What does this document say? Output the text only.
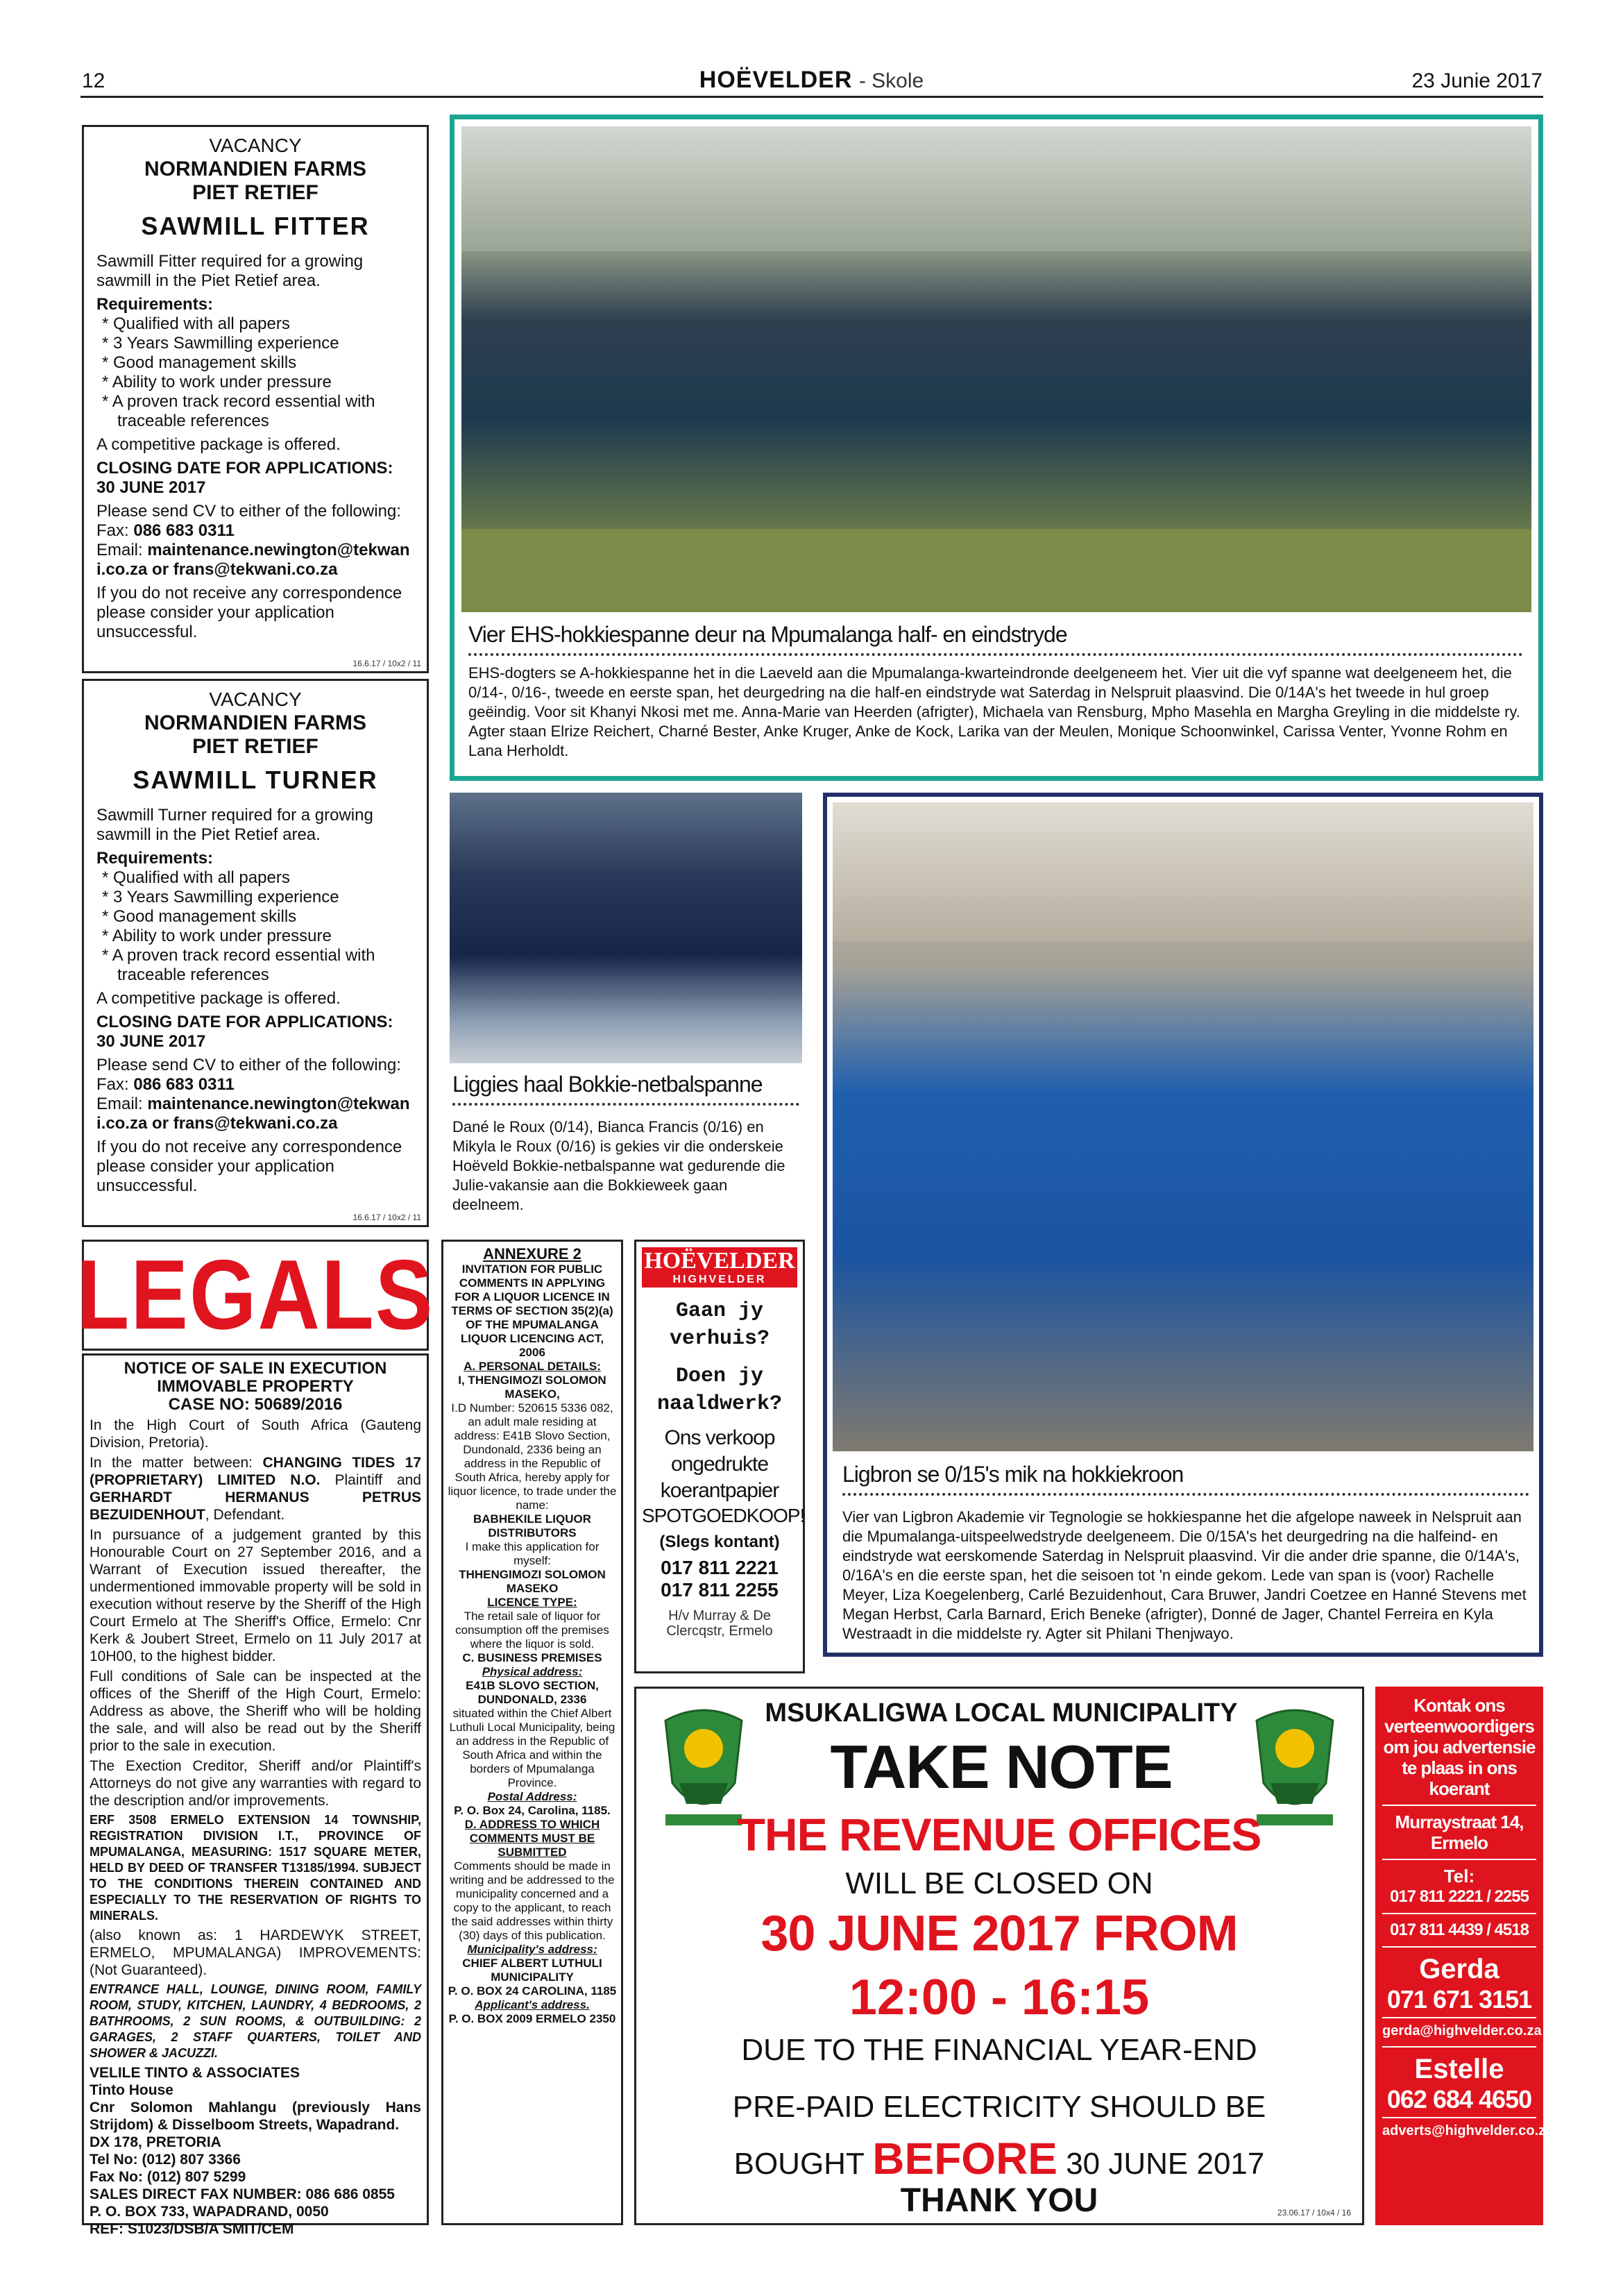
12	HOËVELDER - Skole	23 Junie 2017

VACANCY

NORMANDIEN FARMS

PIET RETIEF

SAWMILL FITTER

Sawmill Fitter required for a growing sawmill in the Piet Retief area.

Requirements:

* Qualified with all papers
* 3 Years Sawmilling experience
* Good management skills
* Ability to work under pressure
* A proven track record essential with traceable references

A competitive package is offered.

CLOSING DATE FOR APPLICATIONS:

30 JUNE 2017

Please send CV to either of the following:

Fax: 086 683 0311

Email: maintenance.newington@tekwani.co.za or frans@tekwani.co.za

If you do not receive any correspondence please consider your application unsuccessful.

16.6.17 / 10x2 / 11

VACANCY

NORMANDIEN FARMS

PIET RETIEF

SAWMILL TURNER

Sawmill Turner required for a growing sawmill in the Piet Retief area.

Requirements:

* Qualified with all papers
* 3 Years Sawmilling experience
* Good management skills
* Ability to work under pressure
* A proven track record essential with traceable references

A competitive package is offered.

CLOSING DATE FOR APPLICATIONS:

30 JUNE 2017

Please send CV to either of the following:

Fax: 086 683 0311

Email: maintenance.newington@tekwani.co.za or frans@tekwani.co.za

If you do not receive any correspondence please consider your application unsuccessful.

16.6.17 / 10x2 / 11
Vier EHS-hokkiespanne deur na Mpumalanga half- en eindstryde
EHS-dogters se A-hokkiespanne het in die Laeveld aan die Mpumalanga-kwarteindronde deelgeneem het. Vier uit die vyf spanne wat deelgeneem het, die 0/14-, 0/16-, tweede en eerste span, het deurgedring na die half-en eindstryde wat Saterdag in Nelspruit plaasvind. Die 0/14A's het tweede in hul groep geëindig. Voor sit Khanyi Nkosi met me. Anna-Marie van Heerden (afrigter), Michaela van Rensburg, Mpho Masehla en Margha Greyling in die middelste ry. Agter staan Elrize Reichert, Charné Bester, Anke Kruger, Anke de Kock, Larika van der Meulen, Monique Schoonwinkel, Carissa Venter, Yvonne Rohm en Lana Herholdt.
Liggies haal Bokkie-netbalspanne
Dané le Roux (0/14), Bianca Francis (0/16) en Mikyla le Roux (0/16) is gekies vir die onderskeie Hoëveld Bokkie-netbalspanne wat gedurende die Julie-vakansie aan die Bokkieweek gaan deelneem.
Ligbron se 0/15's mik na hokkiekroon
Vier van Ligbron Akademie vir Tegnologie se hokkiespanne het die afgelope naweek in Nelspruit aan die Mpumalanga-uitspeelwedstryde deelgeneem. Die 0/15A's het deurgedring na die halfeind- en eindstryde wat eerskomende Saterdag in Nelspruit plaasvind. Vir die ander drie spanne, die 0/14A's, 0/16A's en die eerste span, het die seisoen tot 'n einde gekom. Lede van span is (voor) Rachelle Meyer, Liza Koegelenberg, Carlé Bezuidenhout, Cara Bruwer, Jandri Coetzee en Hanné Stevens met Megan Herbst, Carla Barnard, Erich Beneke (afrigter), Donné de Jager, Chantel Ferreira en Kyla Westraadt in die middelste ry. Agter sit Philani Thenjwayo.
LEGALS

NOTICE OF SALE IN EXECUTION

IMMOVABLE PROPERTY

CASE NO: 50689/2016

In the High Court of South Africa (Gauteng Division, Pretoria).

In the matter between: CHANGING TIDES 17 (PROPRIETARY) LIMITED N.O. Plaintiff and GERHARDT HERMANUS PETRUS BEZUIDENHOUT, Defendant.

In pursuance of a judgement granted by this Honourable Court on 27 September 2016, and a Warrant of Execution issued thereafter, the undermentioned immovable property will be sold in execution without reserve by the Sheriff of the High Court Ermelo at The Sheriff's Office, Ermelo: Cnr Kerk & Joubert Street, Ermelo on 11 July 2017 at 10H00, to the highest bidder.

Full conditions of Sale can be inspected at the offices of the Sheriff of the High Court, Ermelo: Address as above, the Sheriff who will be holding the sale, and will also be read out by the Sheriff prior to the sale in execution.

The Exection Creditor, Sheriff and/or Plaintiff's Attorneys do not give any warranties with regard to the description and/or improvements.

ERF 3508 ERMELO EXTENSION 14 TOWNSHIP, REGISTRATION DIVISION I.T., PROVINCE OF MPUMALANGA, MEASURING: 1517 SQUARE METER, HELD BY DEED OF TRANSFER T13185/1994. SUBJECT TO THE CONDITIONS THEREIN CONTAINED AND ESPECIALLY TO THE RESERVATION OF RIGHTS TO MINERALS.

(also known as: 1 HARDEWYK STREET, ERMELO, MPUMALANGA) IMPROVEMENTS: (Not Guaranteed).

ENTRANCE HALL, LOUNGE, DINING ROOM, FAMILY ROOM, STUDY, KITCHEN, LAUNDRY, 4 BEDROOMS, 2 BATHROOMS, 2 SUN ROOMS, & OUTBUILDING: 2 GARAGES, 2 STAFF QUARTERS, TOILET AND SHOWER & JACUZZI.

VELILE TINTO & ASSOCIATES

Tinto House

Cnr Solomon Mahlangu (previously Hans Strijdom) & Disselboom Streets, Wapadrand.

DX 178, PRETORIA

Tel No: (012) 807 3366

Fax No: (012) 807 5299

SALES DIRECT FAX NUMBER: 086 686 0855

P. O. BOX 733, WAPADRAND, 0050

REF: S1023/DSB/A SMIT/CEM

ANNEXURE 2

INVITATION FOR PUBLIC COMMENTS IN APPLYING FOR A LIQUOR LICENCE IN TERMS OF SECTION 35(2)(a) OF THE MPUMALANGA LIQUOR LICENCING ACT, 2006

A. PERSONAL DETAILS:

I, THENGIMOZI SOLOMON MASEKO,

I.D Number: 520615 5336 082, an adult male residing at address: E41B Slovo Section, Dundonald, 2336 being an address in the Republic of South Africa, hereby apply for liquor licence, to trade under the name:

BABHEKILE LIQUOR DISTRIBUTORS

I make this application for myself:

THHENGIMOZI SOLOMON MASEKO

LICENCE TYPE:

The retail sale of liquor for consumption off the premises where the liquor is sold.

C. BUSINESS PREMISES

Physical address:

E41B SLOVO SECTION, DUNDONALD, 2336

situated within the Chief Albert Luthuli Local Municipality, being an address in the Republic of South Africa and within the borders of Mpumalanga Province.

Postal Address:

P. O. Box 24, Carolina, 1185.

D. ADDRESS TO WHICH COMMENTS MUST BE SUBMITTED

Comments should be made in writing and be addressed to the municipality concerned and a copy to the applicant, to reach the said addresses within thirty (30) days of this publication.

Municipality's address:

CHIEF ALBERT LUTHULI MUNICIPALITY

P. O. BOX 24 CAROLINA, 1185

Applicant's address.

P. O. BOX 2009 ERMELO 2350

HOËVELDER
HIGHVELDER
Gaan jy verhuis?
Doen jy naaldwerk?
Ons verkoop ongedrukte koerantpapier
SPOTGOEDKOOP!
(Slegs kontant)
017 811 2221
017 811 2255
H/v Murray & De Clercqstr, Ermelo
MSUKALIGWA LOCAL MUNICIPALITY
TAKE NOTE
THE REVENUE OFFICES
WILL BE CLOSED ON
30 JUNE 2017 FROM
12:00 - 16:15
DUE TO THE FINANCIAL YEAR-END
PRE-PAID ELECTRICITY SHOULD BE
BOUGHT BEFORE 30 JUNE 2017
THANK YOU	23.06.17 / 10x4 / 16

Kontak ons verteenwoordigers om jou advertensie te plaas in ons koerant

Murraystraat 14, Ermelo

Tel:

017 811 2221 / 2255

017 811 4439 / 4518

Gerda

071 671 3151

gerda@highvelder.co.za

Estelle

062 684 4650

adverts@highvelder.co.za
